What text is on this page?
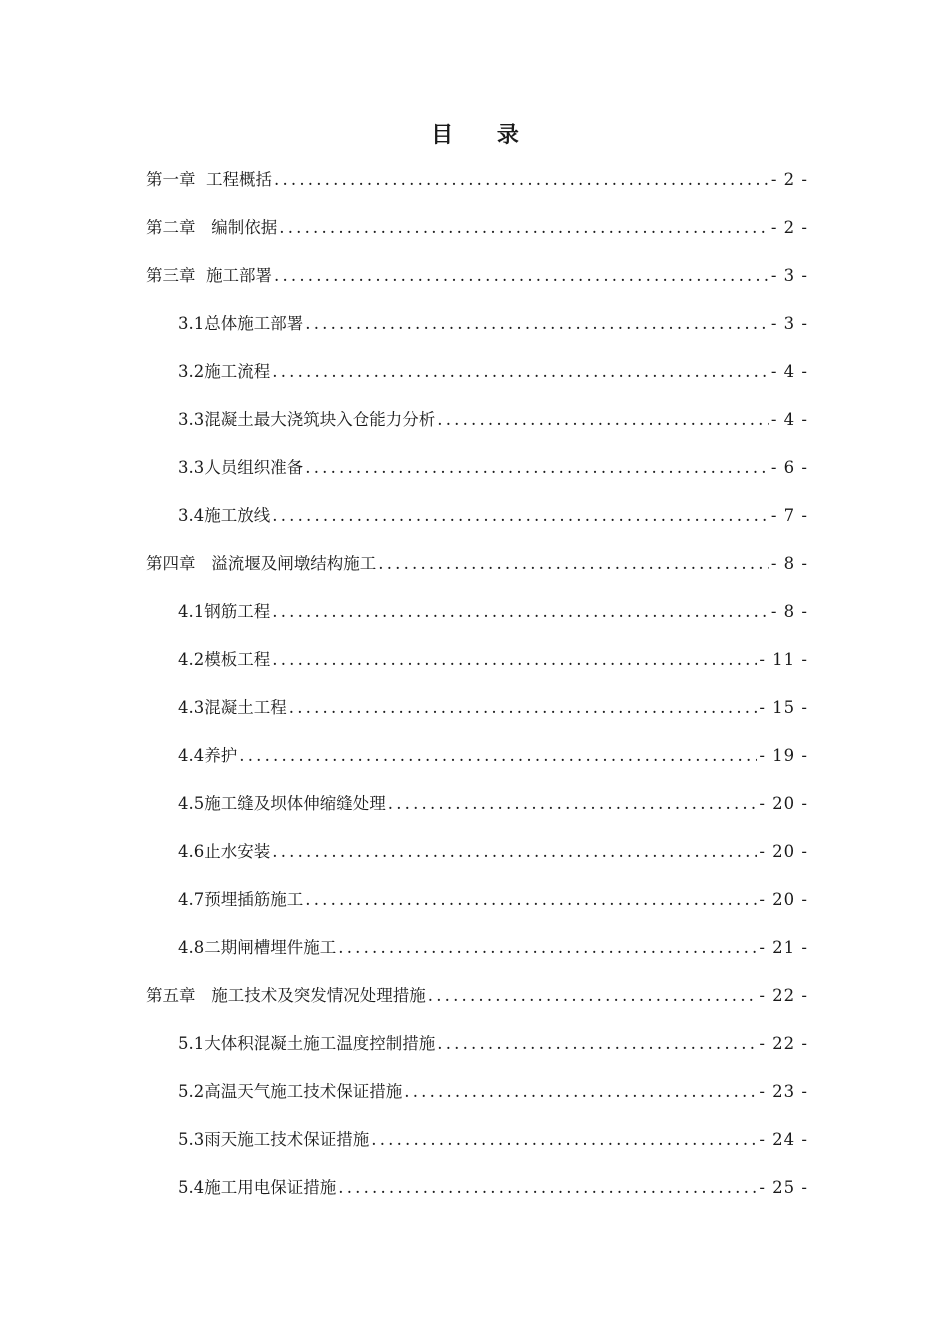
目 录
第一章  工程概括 .....	- 2 -
第二章   编制依据 .....	- 2 -
第三章  施工部署 .....	- 3 -
3.1总体施工部署 .....	- 3 -
3.2施工流程 .....	- 4 -
3.3混凝土最大浇筑块入仓能力分析 .....	- 4 -
3.3人员组织准备 .....	- 6 -
3.4施工放线 .....	- 7 -
第四章   溢流堰及闸墩结构施工 .....	- 8 -
4.1钢筋工程 .....	- 8 -
4.2模板工程 .....	- 11 -
4.3混凝土工程 .....	- 15 -
4.4养护 .....	- 19 -
4.5施工缝及坝体伸缩缝处理 .....	- 20 -
4.6止水安装 .....	- 20 -
4.7预埋插筋施工 .....	- 20 -
4.8二期闸槽埋件施工 .....	- 21 -
第五章   施工技术及突发情况处理措施 .....	- 22 -
5.1大体积混凝土施工温度控制措施 .....	- 22 -
5.2高温天气施工技术保证措施 .....	- 23 -
5.3雨天施工技术保证措施 .....	- 24 -
5.4施工用电保证措施 .....	- 25 -
